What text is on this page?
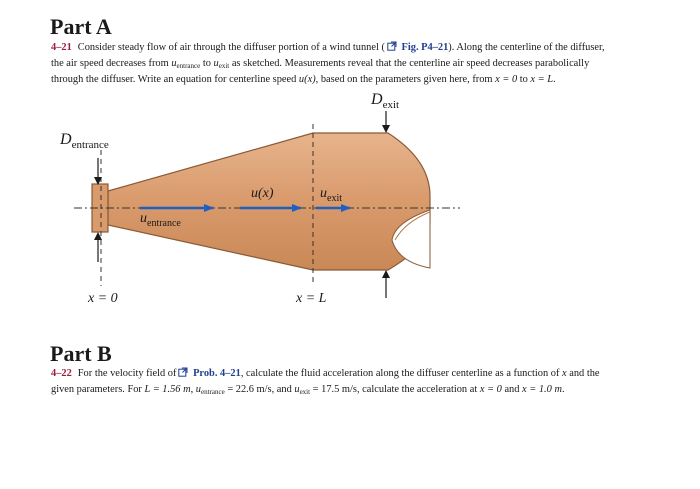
Part A
4–21 Consider steady flow of air through the diffuser portion of a wind tunnel ( Fig. P4–21). Along the centerline of the diffuser,
the air speed decreases from $u_{entrance}$ to $u_{exit}$ as sketched. Measurements reveal that the centerline air speed decreases parabolically
through the diffuser. Write an equation for centerline speed u(x), based on the parameters given here, from x = 0 to x = L.
$D_{entrance}$
$D_{exit}$
u(x)	$u_{exit}$
$u_{entrance}$
x = 0	x = L
Part B
4–22 For the velocity field of Prob. 4–21, calculate the fluid acceleration along the diffuser centerline as a function of x and the
given parameters. For L = 1.56 m, $u_{entrance} = 22.6$ m/s, and $u_{exit} = 17.5$ m/s, calculate the acceleration at x = 0 and x = 1.0 m.
